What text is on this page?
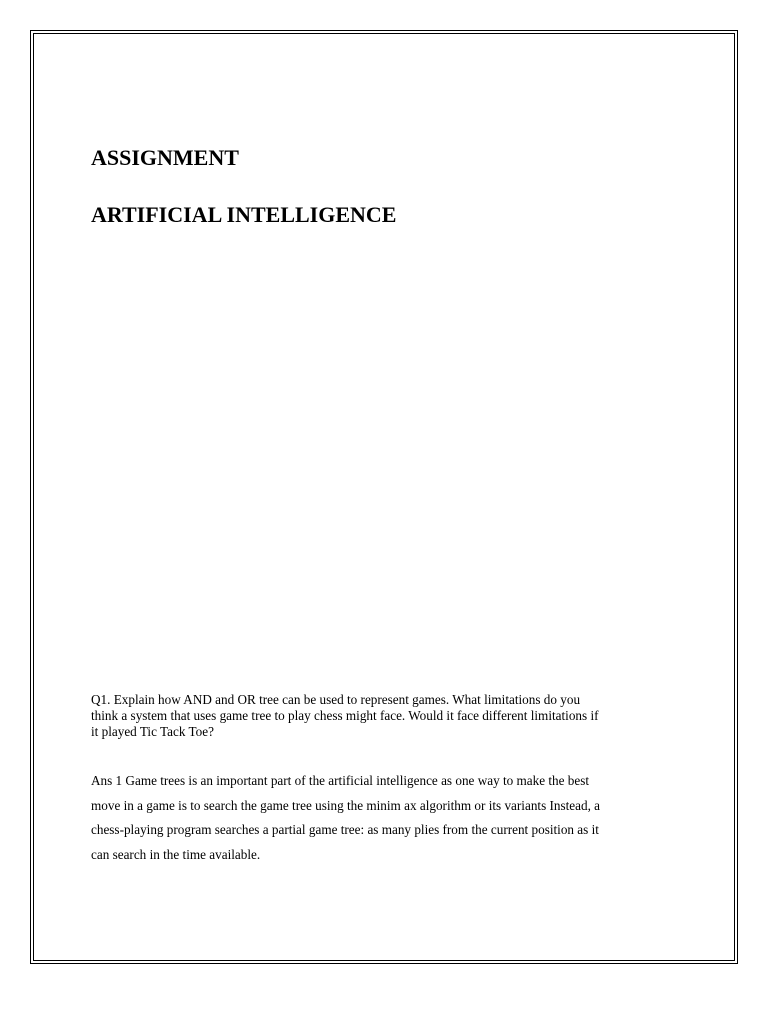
ASSIGNMENT
ARTIFICIAL INTELLIGENCE
Q1. Explain how AND and OR tree can be used to represent games. What limitations do you
think a system that uses game tree to play chess might face. Would it face different limitations if
it played Tic Tack Toe?
Ans 1 Game trees is an important part of the artificial intelligence as one way to make the best
move in a game is to search the game tree using the minim ax algorithm or its variants Instead, a
chess-playing program searches a partial game tree: as many plies from the current position as it
can search in the time available.
